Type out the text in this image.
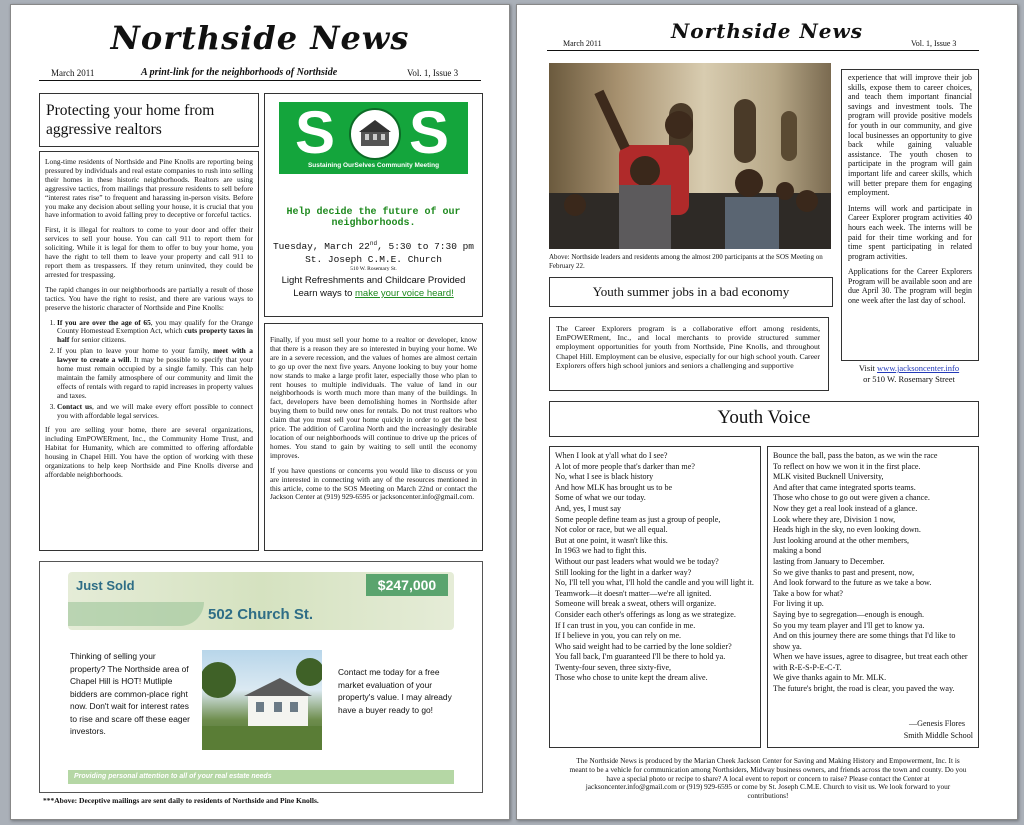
Northside News
March 2011	A print-link for the neighborhoods of Northside	Vol. 1, Issue 3
Protecting your home from aggressive realtors

Long-time residents of Northside and Pine Knolls are reporting being pressured by individuals and real estate companies to rush into selling their homes in these historic neighborhoods. Realtors are using aggressive tactics, from mailings that pressure residents to sell before “interest rates rise” to frequent and harassing in-person visits. Before you make any decision about selling your house, it is crucial that you have information to avoid falling prey to deceptive or forceful tactics.

First, it is illegal for realtors to come to your door and offer their services to sell your house. You can call 911 to report them for soliciting. While it is legal for them to offer to buy your home, you have the right to tell them to leave your property and call 911 to report them as trespassers. If they return uninvited, they could be arrested for trespassing.

The rapid changes in our neighborhoods are partially a result of those tactics. You have the right to resist, and there are various ways to preserve the historic character of Northside and Pine Knolls:

1. If you are over the age of 65, you may qualify for the Orange County Homestead Exemption Act, which cuts property taxes in half for senior citizens.
2. If you plan to leave your home to your family, meet with a lawyer to create a will. It may be possible to specify that your home must remain occupied by a single family. This can help maintain the family atmosphere of our community and limit the effects of rentals with regard to rapid increases in property values and taxes.
3. Contact us, and we will make every effort possible to connect you with affordable legal services.

If you are selling your home, there are several organizations, including EmPOWERment, Inc., the Community Home Trust, and Habitat for Humanity, which are committed to offering affordable housing in Chapel Hill. You have the option of working with these organizations to help keep Northside and Pine Knolls diverse and affordable neighborhoods.

S S
Sustaining OurSelves Community Meeting
Help decide the future of our neighborhoods.
Tuesday, March 22nd, 5:30 to 7:30 pm
St. Joseph C.M.E. Church
510 W. Rosemary St.
Light Refreshments and Childcare Provided
Learn ways to make your voice heard!

Finally, if you must sell your home to a realtor or developer, know that there is a reason they are so interested in buying your home. We are in a severe recession, and the values of homes are almost certain to go up over the next five years. Anyone looking to buy your home now stands to make a large profit later, especially those who plan to rent houses to multiple individuals. The value of land in our neighborhoods is worth much more than many of the buildings. In fact, developers have been demolishing homes in Northside after buying them to build new ones for rentals. Do not trust realtors who claim that you must sell your home quickly in order to get the best price. The addition of Carolina North and the increasingly desirable location of our neighborhoods will continue to drive up the prices of homes. You stand to gain by waiting to sell until the economy improves.

If you have questions or concerns you would like to discuss or you are interested in connecting with any of the resources mentioned in this article, come to the SOS Meeting on March 22nd or contact the Jackson Center at (919) 929-6595 or jacksoncenter.info@gmail.com.

Just Sold	$247,000
502 Church St.
Thinking of selling your property? The Northside area of Chapel Hill is HOT! Mutliple bidders are common-place right now. Don't wait for interest rates to rise and scare off these eager investors.
Contact me today for a free market evaluation of your property's value. I may already have a buyer ready to go!
Providing personal attention to all of your real estate needs
***Above: Deceptive mailings are sent daily to residents of Northside and Pine Knolls.
Northside News
March 2011	Vol. 1, Issue 3
Above: Northside leaders and residents among the almost 200 participants at the SOS Meeting on February 22.

experience that will improve their job skills, expose them to career choices, and teach them important financial savings and investment tools. The program will provide positive models for youth in our community, and give local businesses an opportunity to give back while gaining valuable assistance. The youth chosen to participate in the program will gain important life and career skills, which will better prepare them for engaging employment.

Interns will work and participate in Career Explorer program activities 40 hours each week. The interns will be paid for their time working and for time spent participating in related program activities.

Applications for the Career Explorers Program will be available soon and are due April 30. The program will begin one week after the last day of school.

Visit www.jacksoncenter.info
or 510 W. Rosemary Street
Youth summer jobs in a bad economy
The Career Explorers program is a collaborative effort among residents, EmPOWERment, Inc., and local merchants to provide structured summer employment opportunities for youth from Northside, Pine Knolls, and throughout Chapel Hill. Employment can be elusive, especially for our high school youth. Career Explorers offers high school juniors and seniors a challenging and supportive
Youth Voice
When I look at y'all what do I see?
A lot of more people that's darker than me?
No, what I see is black history
And how MLK has brought us to be
Some of what we our today.
And, yes, I must say
Some people define team as just a group of people,
Not color or race, but we all equal.
But at one point, it wasn't like this.
In 1963 we had to fight this.
Without our past leaders what would we be today?
Still looking for the light in a darker way?
No, I'll tell you what, I'll hold the candle and you will light it.
Teamwork—it doesn't matter—we're all ignited.
Someone will break a sweat, others will organize.
Consider each other's offerings as long as we strategize.
If I can trust in you, you can confide in me.
If I believe in you, you can rely on me.
Who said weight had to be carried by the lone soldier?
You fall back, I'm guaranteed I'll be there to hold ya.
Twenty-four seven, three sixty-five,
Those who chose to unite kept the dream alive.
Bounce the ball, pass the baton, as we win the race
To reflect on how we won it in the first place.
MLK visited Bucknell University,
And after that came integrated sports teams.
Those who chose to go out were given a chance.
Now they get a real look instead of a glance.
Look where they are, Division 1 now,
Heads high in the sky, no even looking down.
Just looking around at the other members,
making a bond
lasting from January to December.
So we give thanks to past and present, now,
And look forward to the future as we take a bow.
Take a bow for what?
For living it up.
Saying bye to segregation—enough is enough.
So you my team player and I'll get to know ya.
And on this journey there are some things that I'd like to show ya.
When we have issues, agree to disagree, but treat each other with R-E-S-P-E-C-T.
We give thanks again to Mr. MLK.
The future's bright, the road is clear, you paved the way.
—Genesis Flores
Smith Middle School
The Northside News is produced by the Marian Cheek Jackson Center for Saving and Making History and Empowerment, Inc. It is meant to be a vehicle for communication among Northsiders, Midway business owners, and friends across the town and county. Do you have a special photo or recipe to share? A local event to report or concern to raise? Please contact the Center at jacksoncenter.info@gmail.com or (919) 929-6595 or come by St. Joseph C.M.E. Church to visit us. We look forward to your contributions!
